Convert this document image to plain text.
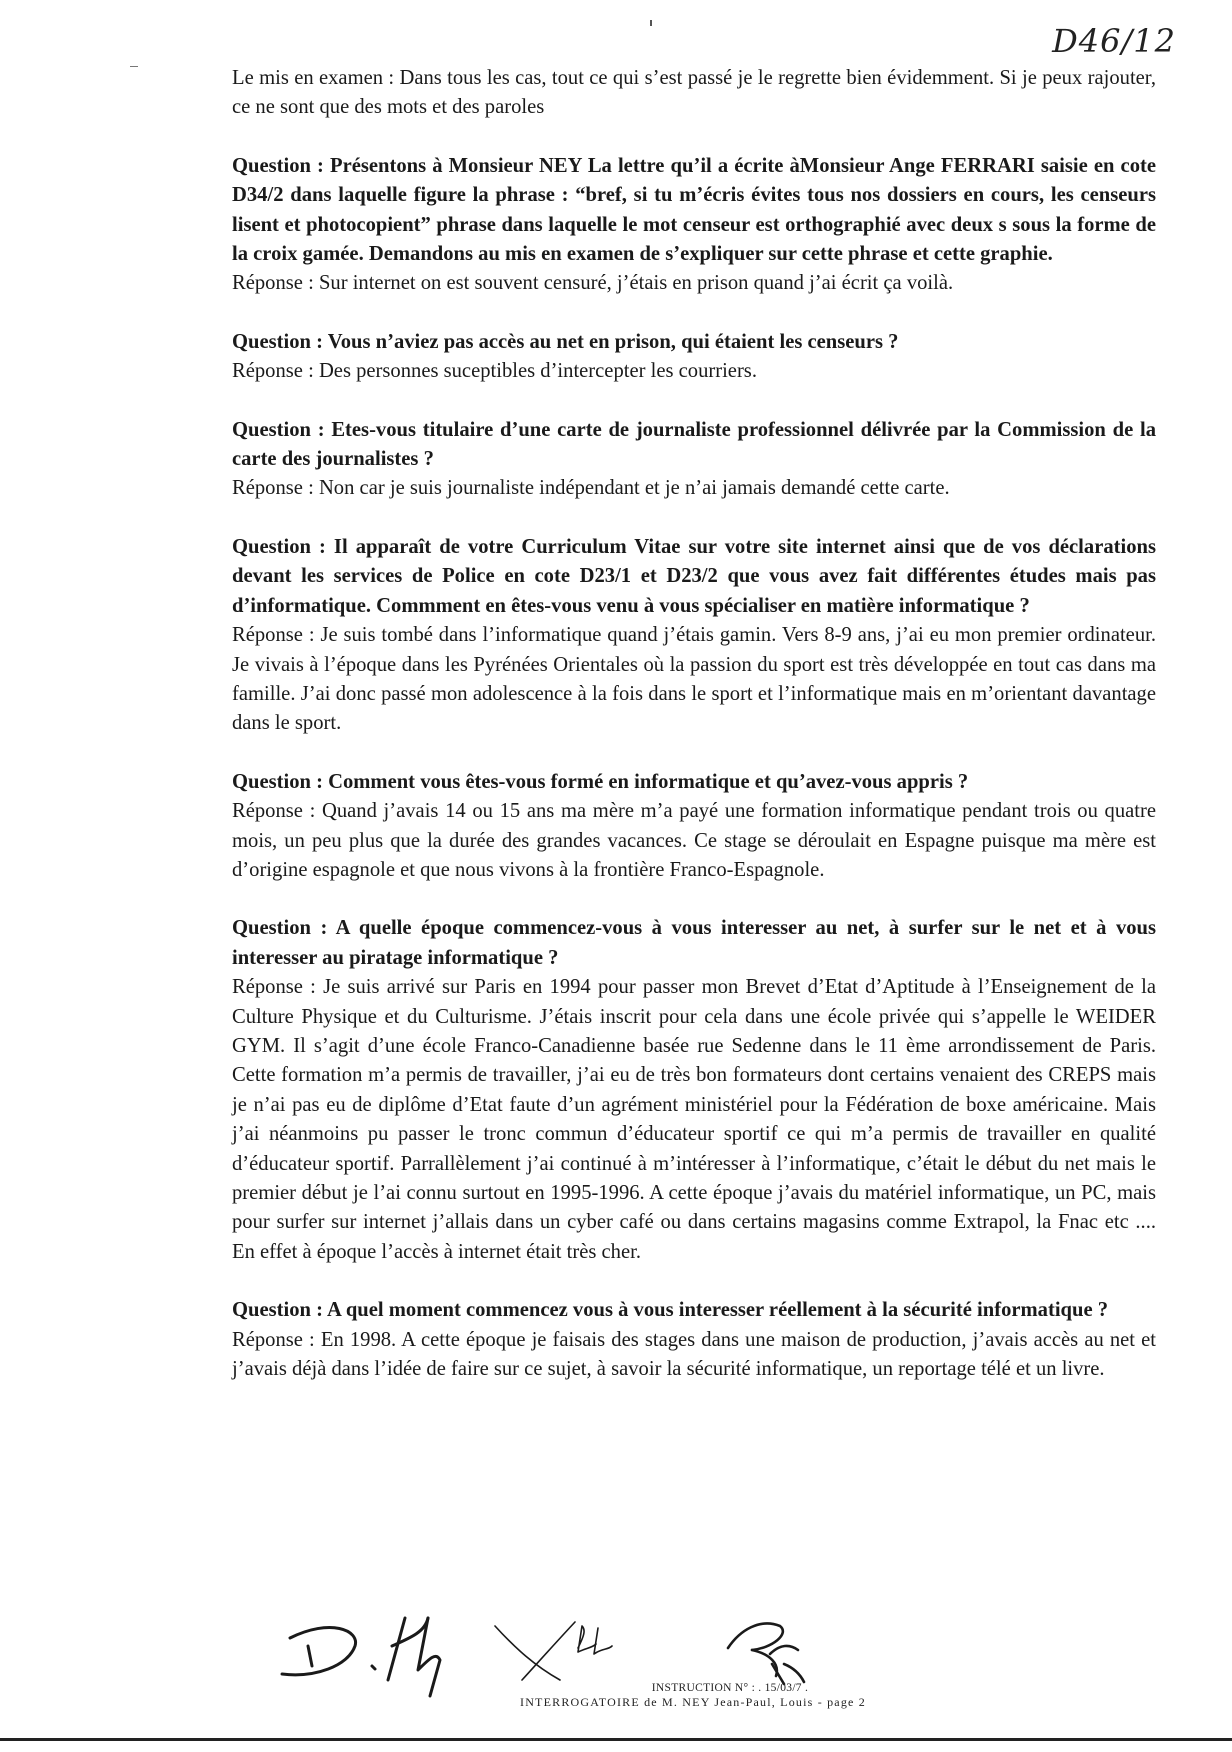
D46/12
Le mis en examen : Dans tous les cas, tout ce qui s’est passé je le regrette bien évidemment. Si je peux rajouter, ce ne sont que des mots et des paroles
Question : Présentons à Monsieur NEY La lettre qu’il a écrite àMonsieur Ange FERRARI saisie en cote D34/2 dans laquelle figure la phrase : “bref, si tu m’écris évites tous nos dossiers en cours, les censeurs lisent et photocopient” phrase dans laquelle le mot censeur est orthographié avec deux s sous la forme de la croix gamée. Demandons au mis en examen de s’expliquer sur cette phrase et cette graphie.
Réponse : Sur internet on est souvent censuré, j’étais en prison quand j’ai écrit ça voilà.
Question : Vous n’aviez pas accès au net en prison, qui étaient les censeurs ?
Réponse : Des personnes suceptibles d’intercepter les courriers.
Question : Etes-vous titulaire d’une carte de journaliste professionnel délivrée par la Commission de la carte des journalistes ?
Réponse : Non car je suis journaliste indépendant et je n’ai jamais demandé cette carte.
Question : Il apparaît de votre Curriculum Vitae sur votre site internet ainsi que de vos déclarations devant les services de Police en cote D23/1 et D23/2 que vous avez fait différentes études mais pas d’informatique. Commment en êtes-vous venu à vous spécialiser en matière informatique ?
Réponse : Je suis tombé dans l’informatique quand j’étais gamin. Vers 8-9 ans, j’ai eu mon premier ordinateur. Je vivais à l’époque dans les Pyrénées Orientales où la passion du sport est très développée en tout cas dans ma famille. J’ai donc passé mon adolescence à la fois dans le sport et l’informatique mais en m’orientant davantage dans le sport.
Question : Comment vous êtes-vous formé en informatique et qu’avez-vous appris ?
Réponse : Quand j’avais 14 ou 15 ans ma mère m’a payé une formation informatique pendant trois ou quatre mois, un peu plus que la durée des grandes vacances. Ce stage se déroulait en Espagne puisque ma mère est d’origine espagnole et que nous vivons à la frontière Franco-Espagnole.
Question : A quelle époque commencez-vous à vous interesser au net, à surfer sur le net et à vous interesser au piratage informatique ?
Réponse : Je suis arrivé sur Paris en 1994 pour passer mon Brevet d’Etat d’Aptitude à l’Enseignement de la Culture Physique et du Culturisme. J’étais inscrit pour cela dans une école privée qui s’appelle le WEIDER GYM. Il s’agit d’une école Franco-Canadienne basée rue Sedenne dans le 11 ème arrondissement de Paris. Cette formation m’a permis de travailler, j’ai eu de très bon formateurs dont certains venaient des CREPS mais je n’ai pas eu de diplôme d’Etat faute d’un agrément ministériel pour la Fédération de boxe américaine. Mais j’ai néanmoins pu passer le tronc commun d’éducateur sportif ce qui m’a permis de travailler en qualité d’éducateur sportif. Parrallèlement j’ai continué à m’intéresser à l’informatique, c’était le début du net mais le premier début je l’ai connu surtout en 1995-1996. A cette époque j’avais du matériel informatique, un PC, mais pour surfer sur internet j’allais dans un cyber café ou dans certains magasins comme Extrapol, la Fnac etc .... En effet à époque l’accès à internet était très cher.
Question : A quel moment commencez vous à vous interesser réellement à la sécurité informatique ?
Réponse : En 1998. A cette époque je faisais des stages dans une maison de production, j’avais accès au net et j’avais déjà dans l’idée de faire sur ce sujet, à savoir la sécurité informatique, un reportage télé et un livre.
INSTRUCTION N° : . 15/03/7 .
INTERROGATOIRE de M. NEY Jean-Paul, Louis - page 2
